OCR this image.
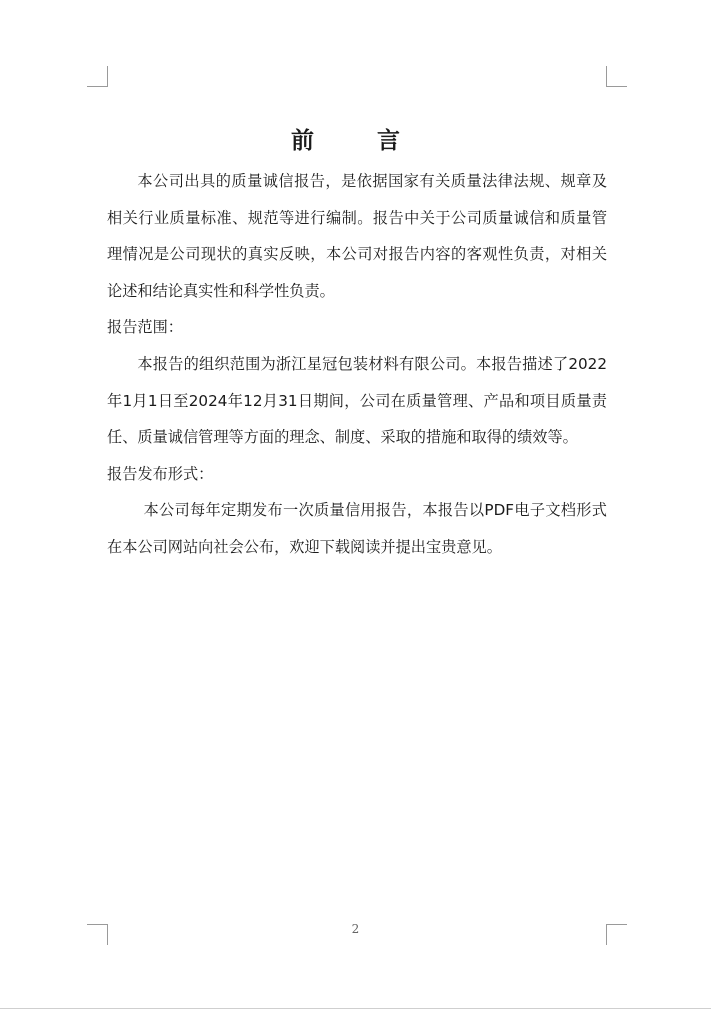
前　言

本公司出具的质量诚信报告，是依据国家有关质量法律法规、规章及相关行业质量标准、规范等进行编制。报告中关于公司质量诚信和质量管理情况是公司现状的真实反映，本公司对报告内容的客观性负责，对相关论述和结论真实性和科学性负责。

报告范围：

本报告的组织范围为浙江星冠包装材料有限公司。本报告描述了2022年1月1日至2024年12月31日期间，公司在质量管理、产品和项目质量责任、质量诚信管理等方面的理念、制度、采取的措施和取得的绩效等。

报告发布形式：

本公司每年定期发布一次质量信用报告，本报告以PDF电子文档形式在本公司网站向社会公布，欢迎下载阅读并提出宝贵意见。

2
